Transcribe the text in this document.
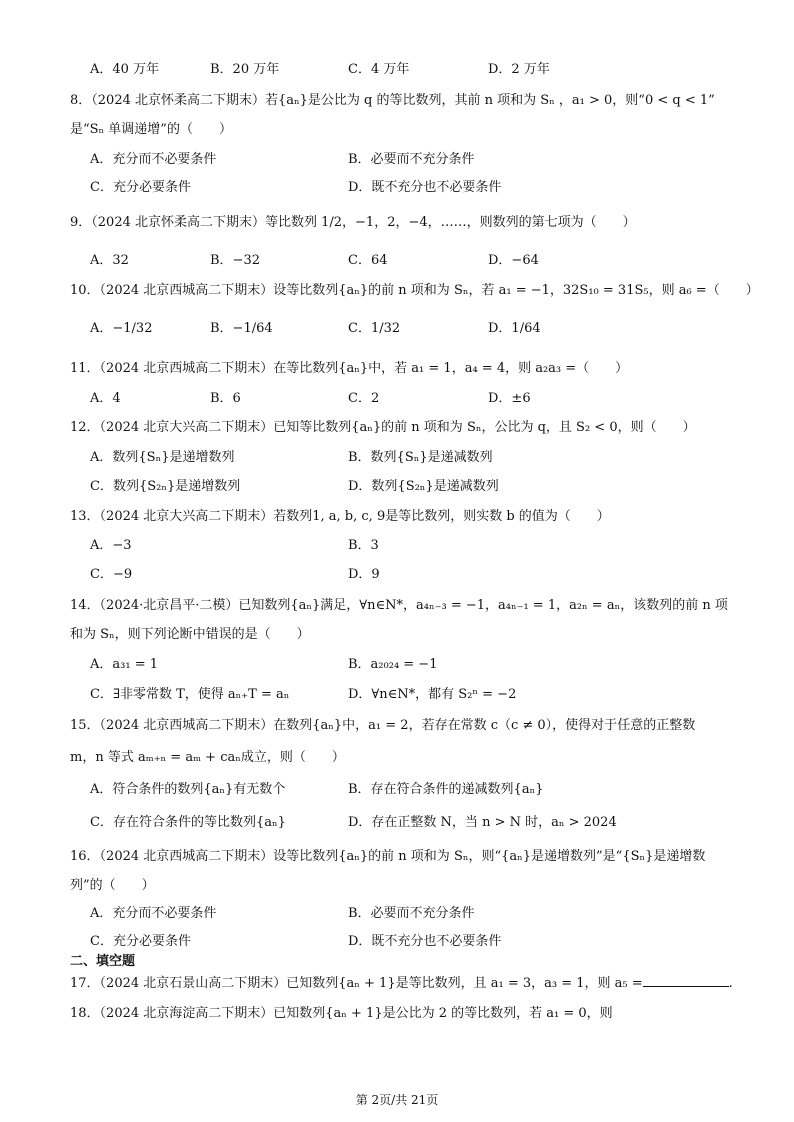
A．40 万年	B．20 万年	C．4 万年	D．2 万年
8．（2024 北京怀柔高二下期末）若{aₙ}是公比为 q 的等比数列，其前 n 项和为 Sₙ ，a₁ > 0，则“0 < q < 1”
是“Sₙ 单调递增”的（　　）
A．充分而不必要条件	B．必要而不充分条件
C．充分必要条件	D．既不充分也不必要条件
9．（2024 北京怀柔高二下期末）等比数列 1/2，−1，2，−4，……，则数列的第七项为（　　）
A．32	B．−32	C．64	D．−64
10．（2024 北京西城高二下期末）设等比数列{aₙ}的前 n 项和为 Sₙ，若 a₁ = −1，32S₁₀ = 31S₅，则 a₆ =（　　）
A．−1/32	B．−1/64	C．1/32	D．1/64
11．（2024 北京西城高二下期末）在等比数列{aₙ}中，若 a₁ = 1，a₄ = 4，则 a₂a₃ =（　　）
A．4	B．6	C．2	D．±6
12．（2024 北京大兴高二下期末）已知等比数列{aₙ}的前 n 项和为 Sₙ，公比为 q，且 S₂ < 0，则（　　）
A．数列{Sₙ}是递增数列	B．数列{Sₙ}是递减数列
C．数列{S₂ₙ}是递增数列	D．数列{S₂ₙ}是递减数列
13．（2024 北京大兴高二下期末）若数列1, a, b, c, 9是等比数列，则实数 b 的值为（　　）
A．−3	B．3
C．−9	D．9
14．（2024·北京昌平·二模）已知数列{aₙ}满足，∀n∈N*，a₄ₙ₋₃ = −1，a₄ₙ₋₁ = 1，a₂ₙ = aₙ，该数列的前 n 项
和为 Sₙ，则下列论断中错误的是（　　）
A．a₃₁ = 1	B．a₂₀₂₄ = −1
C．∃非零常数 T，使得 aₙ₊T = aₙ	D．∀n∈N*，都有 S₂ⁿ = −2
15．（2024 北京西城高二下期末）在数列{aₙ}中，a₁ = 2，若存在常数 c（c ≠ 0），使得对于任意的正整数
m，n 等式 aₘ₊ₙ = aₘ + caₙ成立，则（　　）
A．符合条件的数列{aₙ}有无数个	B．存在符合条件的递减数列{aₙ}
C．存在符合条件的等比数列{aₙ}	D．存在正整数 N，当 n > N 时，aₙ > 2024
16．（2024 北京西城高二下期末）设等比数列{aₙ}的前 n 项和为 Sₙ，则“{aₙ}是递增数列”是“{Sₙ}是递增数
列”的（　　）
A．充分而不必要条件	B．必要而不充分条件
C．充分必要条件	D．既不充分也不必要条件
二、填空题
17．（2024 北京石景山高二下期末）已知数列{aₙ + 1}是等比数列，且 a₁ = 3，a₃ = 1，则 a₅ =	.
18．（2024 北京海淀高二下期末）已知数列{aₙ + 1}是公比为 2 的等比数列，若 a₁ = 0，则
第 2页/共 21页
